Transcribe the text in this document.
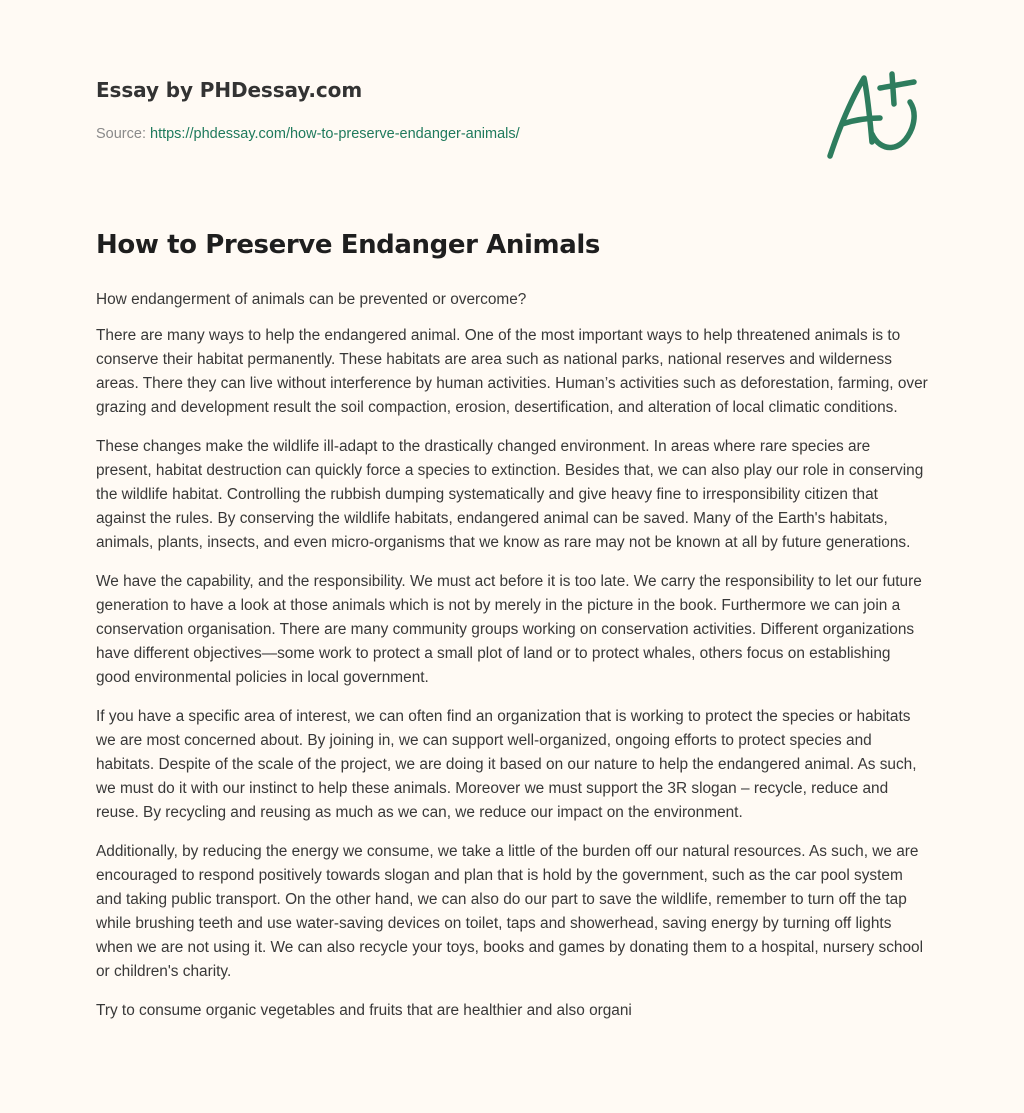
Essay by PHDessay.com
Source: https://phdessay.com/how-to-preserve-endanger-animals/
How to Preserve Endanger Animals

How endangerment of animals can be prevented or overcome?

There are many ways to help the endangered animal. One of the most important ways to help threatened animals is to conserve their habitat permanently. These habitats are area such as national parks, national reserves and wilderness areas. There they can live without interference by human activities. Human’s activities such as deforestation, farming, over grazing and development result the soil compaction, erosion, desertification, and alteration of local climatic conditions.

These changes make the wildlife ill-adapt to the drastically changed environment. In areas where rare species are present, habitat destruction can quickly force a species to extinction. Besides that, we can also play our role in conserving the wildlife habitat. Controlling the rubbish dumping systematically and give heavy fine to irresponsibility citizen that against the rules. By conserving the wildlife habitats, endangered animal can be saved. Many of the Earth's habitats, animals, plants, insects, and even micro-organisms that we know as rare may not be known at all by future generations.

We have the capability, and the responsibility. We must act before it is too late. We carry the responsibility to let our future generation to have a look at those animals which is not by merely in the picture in the book. Furthermore we can join a conservation organisation. There are many community groups working on conservation activities. Different organizations have different objectives—some work to protect a small plot of land or to protect whales, others focus on establishing good environmental policies in local government.

If you have a specific area of interest, we can often find an organization that is working to protect the species or habitats we are most concerned about. By joining in, we can support well-organized, ongoing efforts to protect species and habitats. Despite of the scale of the project, we are doing it based on our nature to help the endangered animal. As such, we must do it with our instinct to help these animals. Moreover we must support the 3R slogan – recycle, reduce and reuse. By recycling and reusing as much as we can, we reduce our impact on the environment.

Additionally, by reducing the energy we consume, we take a little of the burden off our natural resources. As such, we are encouraged to respond positively towards slogan and plan that is hold by the government, such as the car pool system and taking public transport. On the other hand, we can also do our part to save the wildlife, remember to turn off the tap while brushing teeth and use water-saving devices on toilet, taps and showerhead, saving energy by turning off lights when we are not using it. We can also recycle your toys, books and games by donating them to a hospital, nursery school or children's charity.

Try to consume organic vegetables and fruits that are healthier and also organi
